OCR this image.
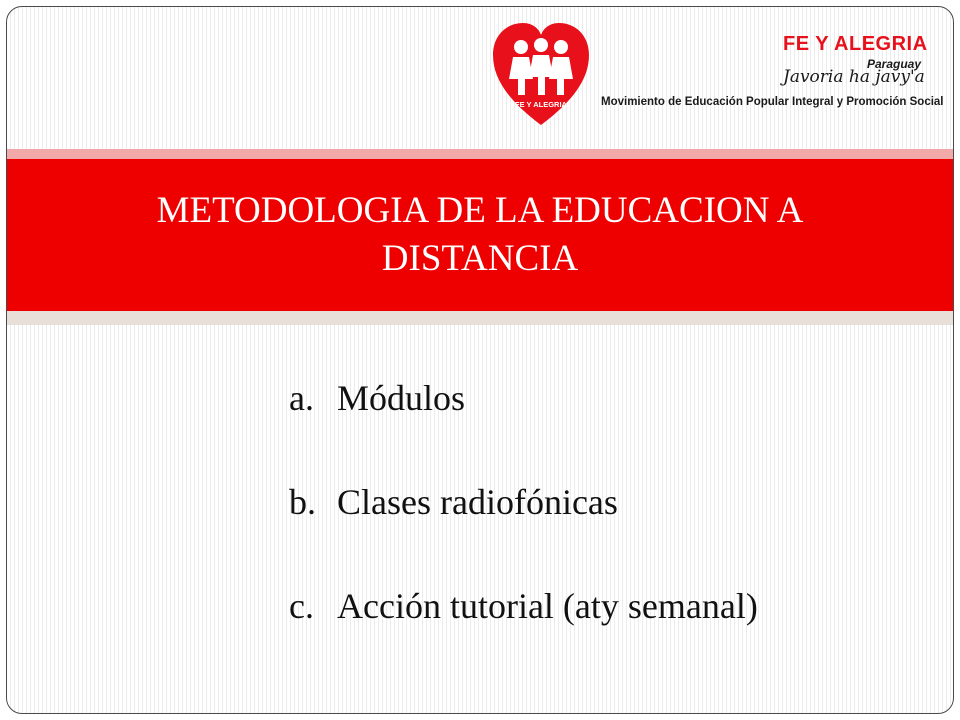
FE Y ALEGRIA
FE Y ALEGRIA
Paraguay
Javoria ha javy'a
Movimiento de Educación Popular Integral y Promoción Social
METODOLOGIA DE LA EDUCACION A
DISTANCIA
a. Módulos
b. Clases radiofónicas
c. Acción tutorial (aty semanal)
